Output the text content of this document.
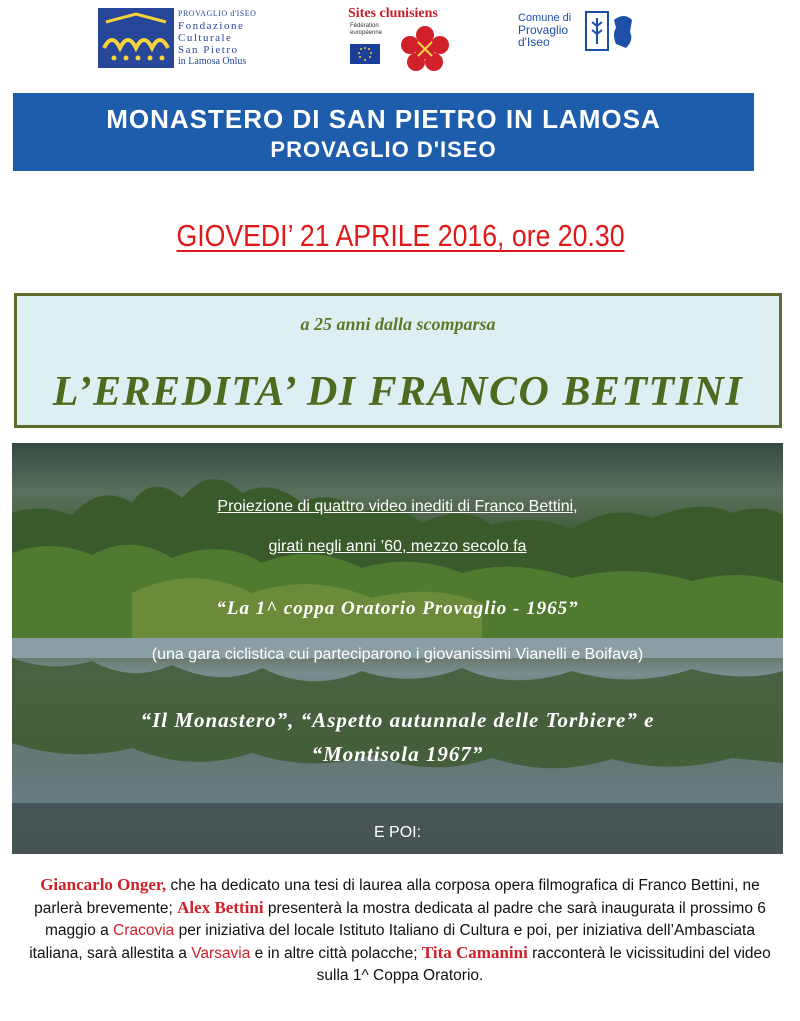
PROVAGLIO d'ISEO
Fondazione
Culturale
San Pietro
in Lamosa Onlus
Sites clunisiens
Fédération européenne
Comune di
Provaglio
d'Iseo
MONASTERO DI SAN PIETRO IN LAMOSA
PROVAGLIO D'ISEO
GIOVEDI’ 21 APRILE 2016, ore 20.30
a 25 anni dalla scomparsa
L’EREDITA’ DI FRANCO BETTINI
Proiezione di quattro video inediti di Franco Bettini,
girati negli anni ’60, mezzo secolo fa
“La 1^ coppa Oratorio Provaglio - 1965”
(una gara ciclistica cui parteciparono i giovanissimi Vianelli e Boifava)
“Il Monastero”, “Aspetto autunnale delle Torbiere” e
“Montisola 1967”
E POI:
Giancarlo Onger, che ha dedicato una tesi di laurea alla corposa opera filmografica di Franco Bettini, ne parlerà brevemente; Alex Bettini presenterà la mostra dedicata al padre che sarà inaugurata il prossimo 6 maggio a Cracovia per iniziativa del locale Istituto Italiano di Cultura e poi, per iniziativa dell’Ambasciata italiana, sarà allestita a Varsavia e in altre città polacche; Tita Camanini racconterà le vicissitudini del video sulla 1^ Coppa Oratorio.
